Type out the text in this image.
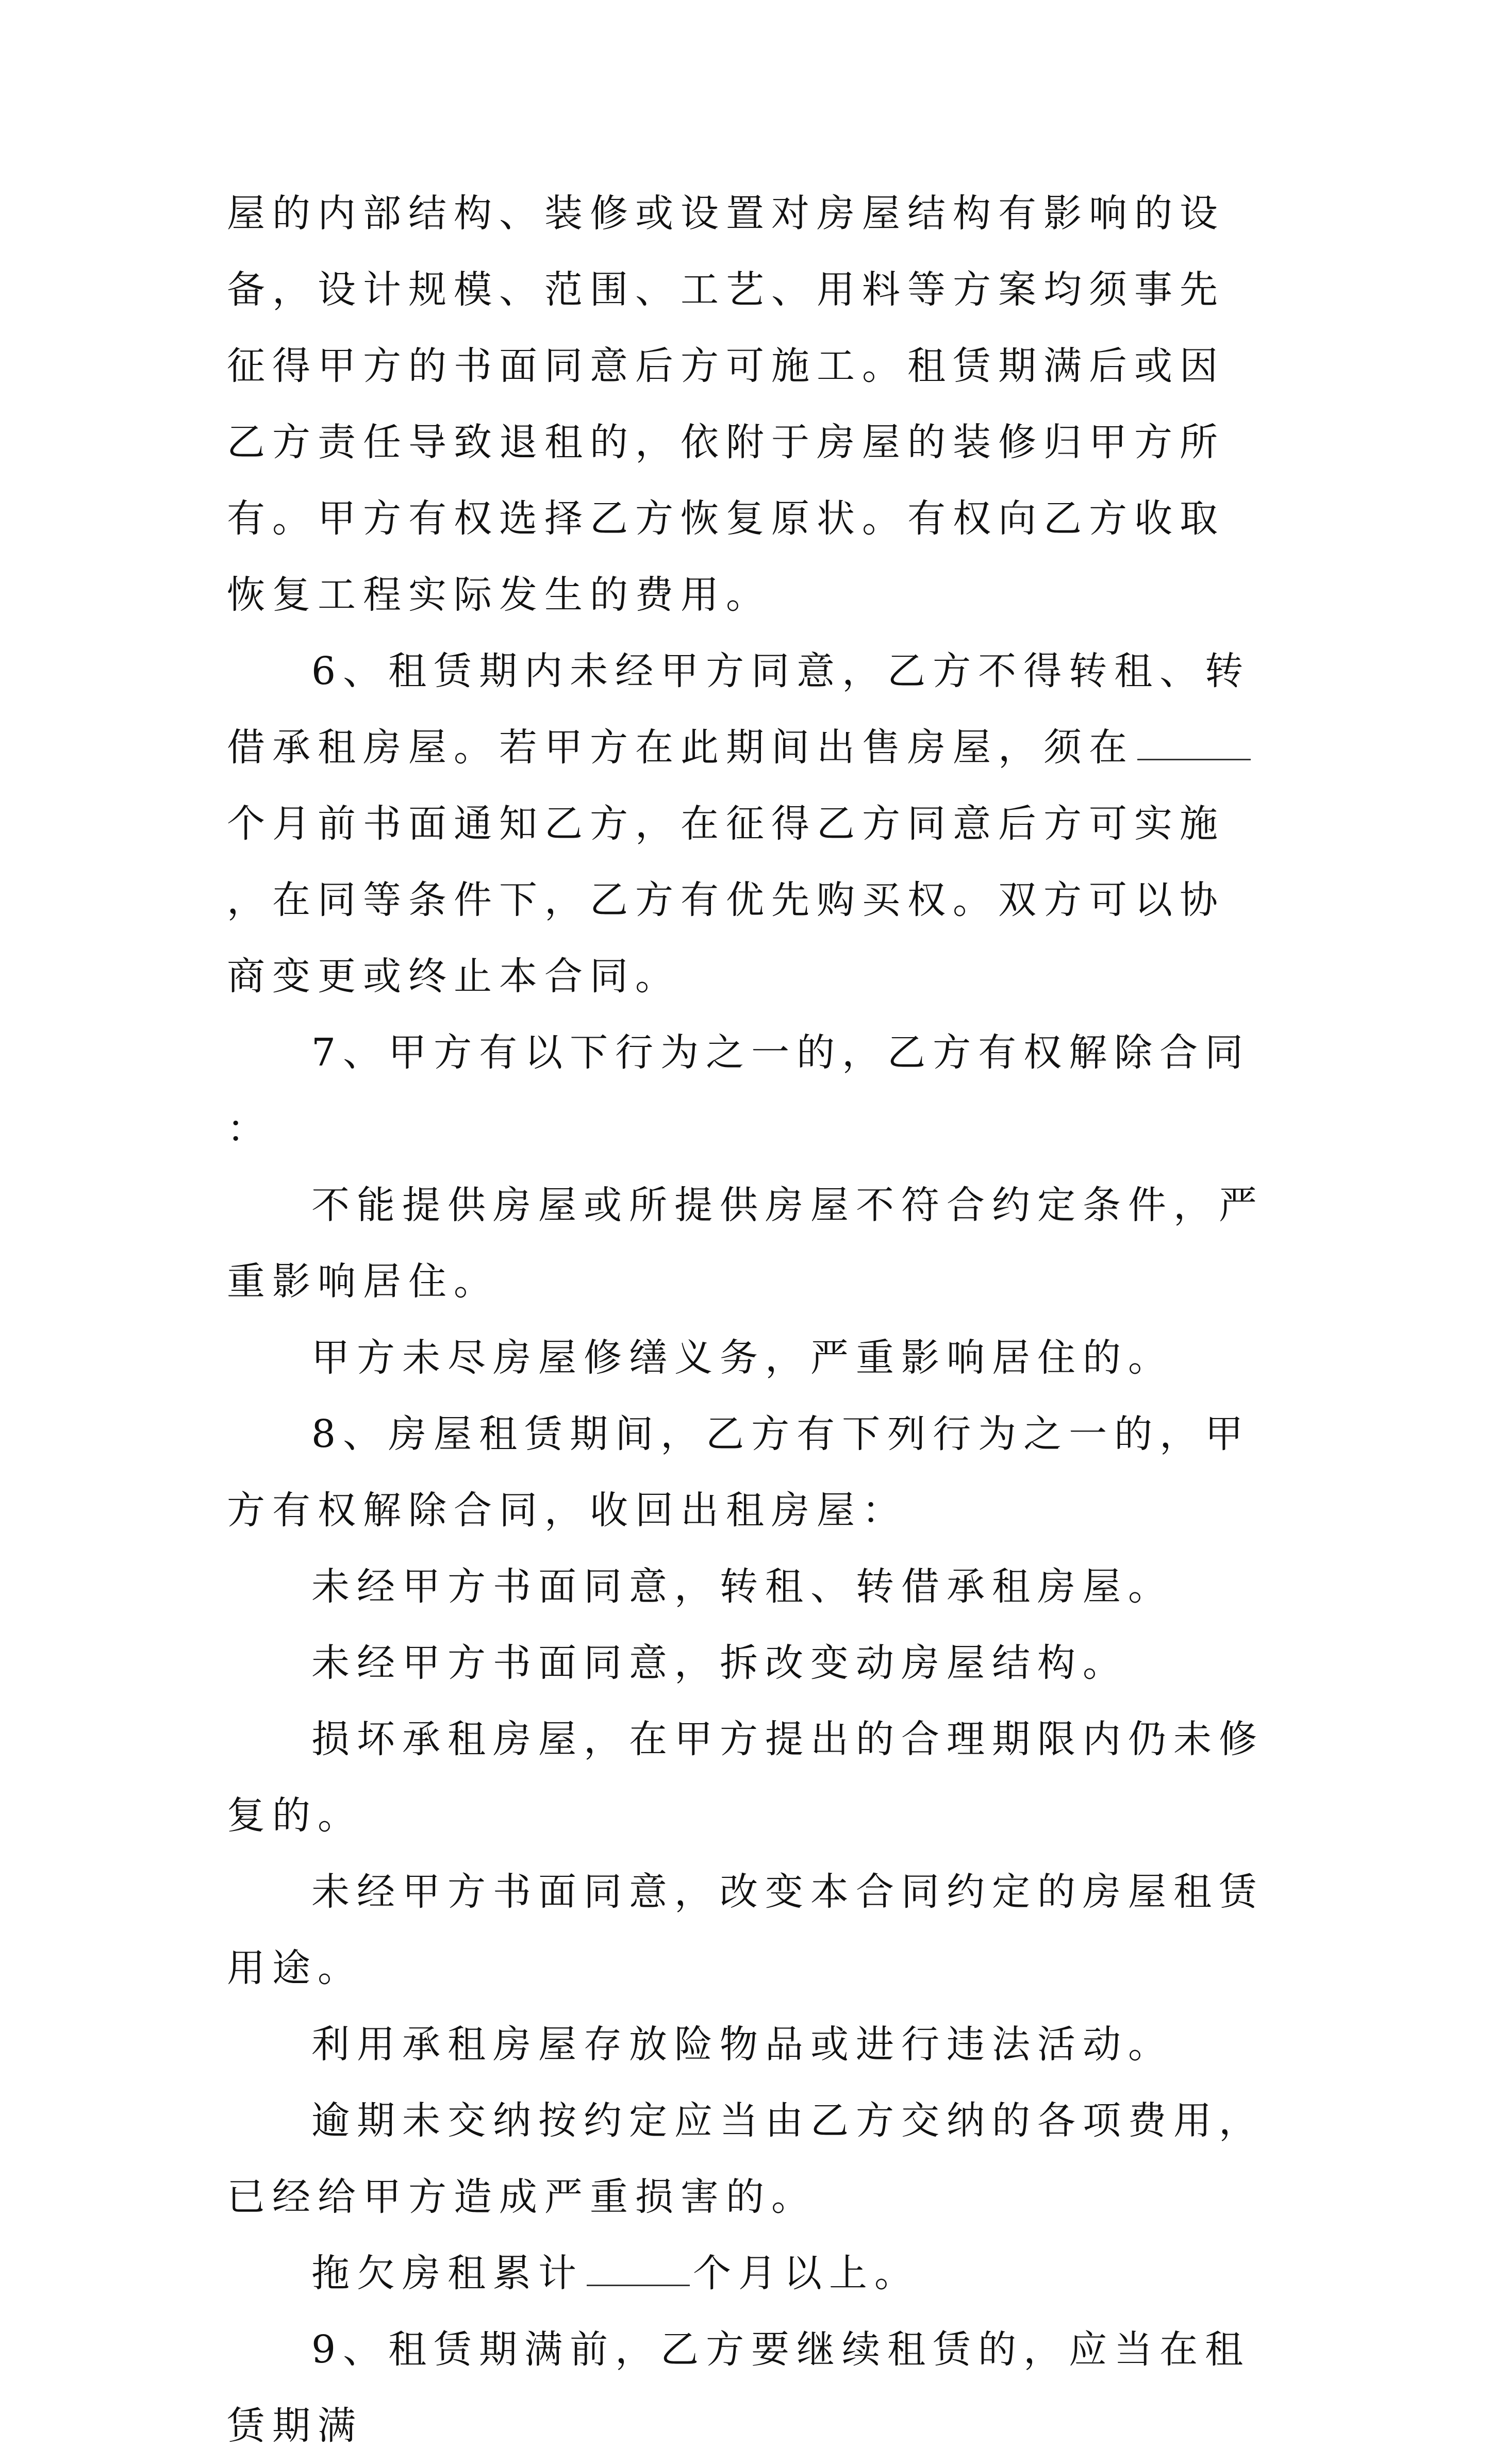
屋的内部结构、装修或设置对房屋结构有影响的设备，设计规模、范围、工艺、用料等方案均须事先征得甲方的书面同意后方可施工。租赁期满后或因乙方责任导致退租的，依附于房屋的装修归甲方所有。甲方有权选择乙方恢复原状。有权向乙方收取恢复工程实际发生的费用。

6、租赁期内未经甲方同意，乙方不得转租、转借承租房屋。若甲方在此期间出售房屋，须在个月前书面通知乙方，在征得乙方同意后方可实施，在同等条件下，乙方有优先购买权。双方可以协商变更或终止本合同。

7、甲方有以下行为之一的，乙方有权解除合同：

不能提供房屋或所提供房屋不符合约定条件，严重影响居住。

甲方未尽房屋修缮义务，严重影响居住的。

8、房屋租赁期间，乙方有下列行为之一的，甲方有权解除合同，收回出租房屋：

未经甲方书面同意，转租、转借承租房屋。

未经甲方书面同意，拆改变动房屋结构。

损坏承租房屋，在甲方提出的合理期限内仍未修复的。

未经甲方书面同意，改变本合同约定的房屋租赁用途。

利用承租房屋存放险物品或进行违法活动。

逾期未交纳按约定应当由乙方交纳的各项费用，已经给甲方造成严重损害的。

拖欠房租累计	个月以上。

9、租赁期满前，乙方要继续租赁的，应当在租赁期满
